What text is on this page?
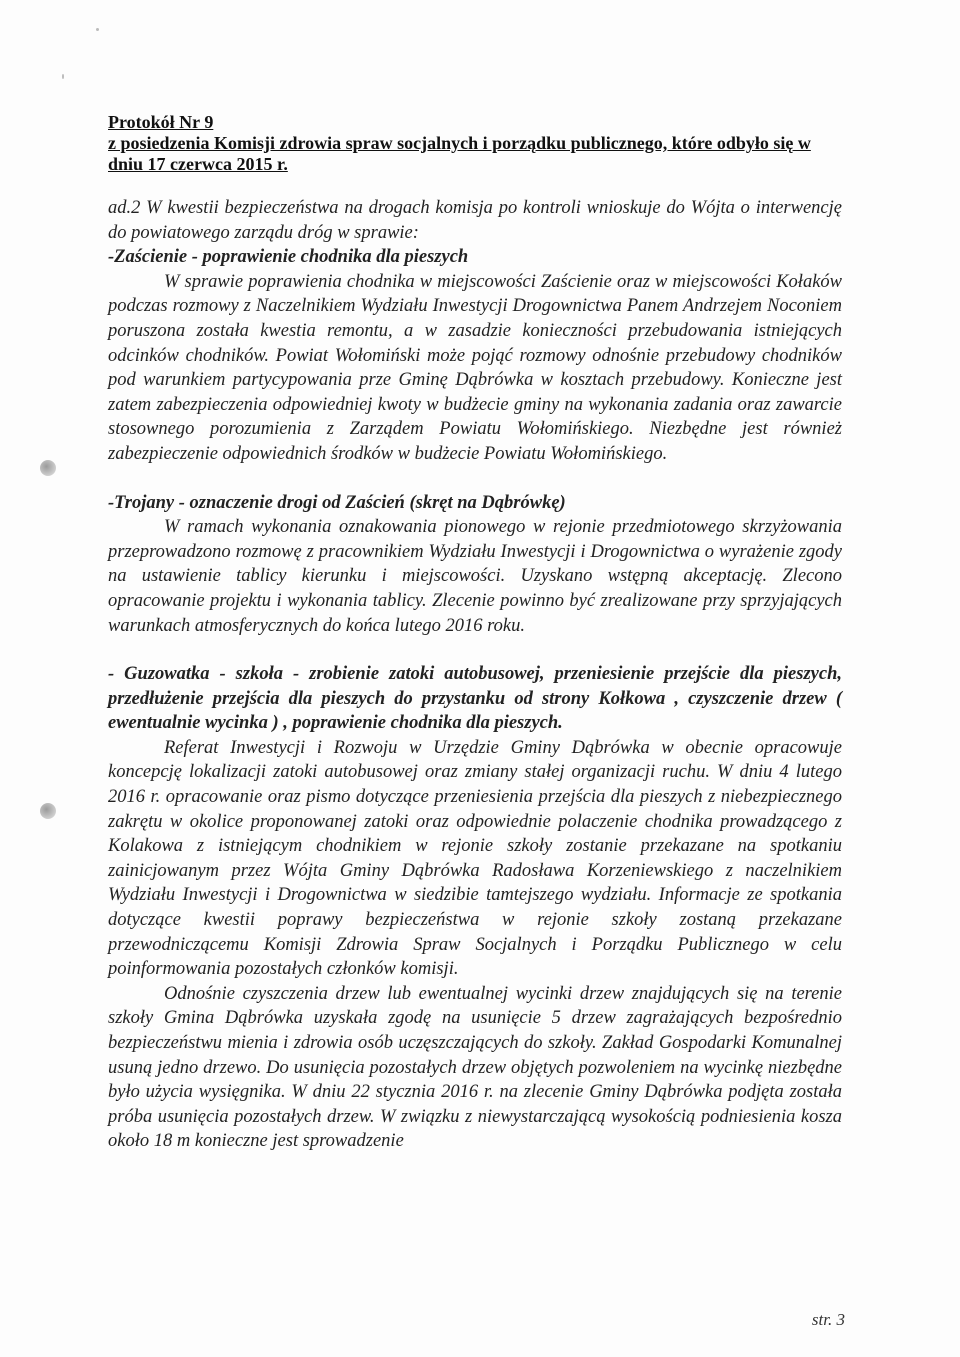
Protokół Nr 9
z posiedzenia Komisji zdrowia spraw socjalnych i porządku publicznego, które odbyło się w dniu 17 czerwca 2015 r.

ad.2 W kwestii bezpieczeństwa na drogach komisja po kontroli wnioskuje do Wójta o interwencję do powiatowego zarządu dróg w sprawie:

-Zaścienie - poprawienie chodnika dla pieszych

W sprawie poprawienia chodnika w miejscowości Zaścienie oraz w miejscowości Kołaków podczas rozmowy z Naczelnikiem Wydziału Inwestycji Drogownictwa Panem Andrzejem Noconiem poruszona została kwestia remontu, a w zasadzie konieczności przebudowania istniejących odcinków chodników. Powiat Wołomiński może pojąć rozmowy odnośnie przebudowy chodników pod warunkiem partycypowania prze Gminę Dąbrówka w kosztach przebudowy. Konieczne jest zatem zabezpieczenia odpowiedniej kwoty w budżecie gminy na wykonania zadania oraz zawarcie stosownego porozumienia z Zarządem Powiatu Wołomińskiego. Niezbędne jest również zabezpieczenie odpowiednich środków w budżecie Powiatu Wołomińskiego.

-Trojany - oznaczenie drogi od Zaścień (skręt na Dąbrówkę)

W ramach wykonania oznakowania pionowego w rejonie przedmiotowego skrzyżowania przeprowadzono rozmowę z pracownikiem Wydziału Inwestycji i Drogownictwa o wyrażenie zgody na ustawienie tablicy kierunku i miejscowości. Uzyskano wstępną akceptację. Zlecono opracowanie projektu i wykonania tablicy. Zlecenie powinno być zrealizowane przy sprzyjających warunkach atmosferycznych do końca lutego 2016 roku.

- Guzowatka - szkoła - zrobienie zatoki autobusowej, przeniesienie przejście dla pieszych, przedłużenie przejścia dla pieszych do przystanku od strony Kołkowa , czyszczenie drzew ( ewentualnie wycinka ) , poprawienie chodnika dla pieszych.

Referat Inwestycji i Rozwoju w Urzędzie Gminy Dąbrówka w obecnie opracowuje koncepcję lokalizacji zatoki autobusowej oraz zmiany stałej organizacji ruchu. W dniu 4 lutego 2016 r. opracowanie oraz pismo dotyczące przeniesienia przejścia dla pieszych z niebezpiecznego zakrętu w okolice proponowanej zatoki oraz odpowiednie polaczenie chodnika prowadzącego z Kolakowa z istniejącym chodnikiem w rejonie szkoły zostanie przekazane na spotkaniu zainicjowanym przez Wójta Gminy Dąbrówka Radosława Korzeniewskiego z naczelnikiem Wydziału Inwestycji i Drogownictwa w siedzibie tamtejszego wydziału. Informacje ze spotkania dotyczące kwestii poprawy bezpieczeństwa w rejonie szkoły zostaną przekazane przewodniczącemu Komisji Zdrowia Spraw Socjalnych i Porządku Publicznego w celu poinformowania pozostałych członków komisji.

Odnośnie czyszczenia drzew lub ewentualnej wycinki drzew znajdujących się na terenie szkoły Gmina Dąbrówka uzyskała zgodę na usunięcie 5 drzew zagrażających bezpośrednio bezpieczeństwu mienia i zdrowia osób uczęszczających do szkoły. Zakład Gospodarki Komunalnej usuną jedno drzewo. Do usunięcia pozostałych drzew objętych pozwoleniem na wycinkę niezbędne było użycia wysięgnika. W dniu 22 stycznia 2016 r. na zlecenie Gminy Dąbrówka podjęta została próba usunięcia pozostałych drzew. W związku z niewystarczającą wysokością podniesienia kosza około 18 m konieczne jest sprowadzenie

str. 3
